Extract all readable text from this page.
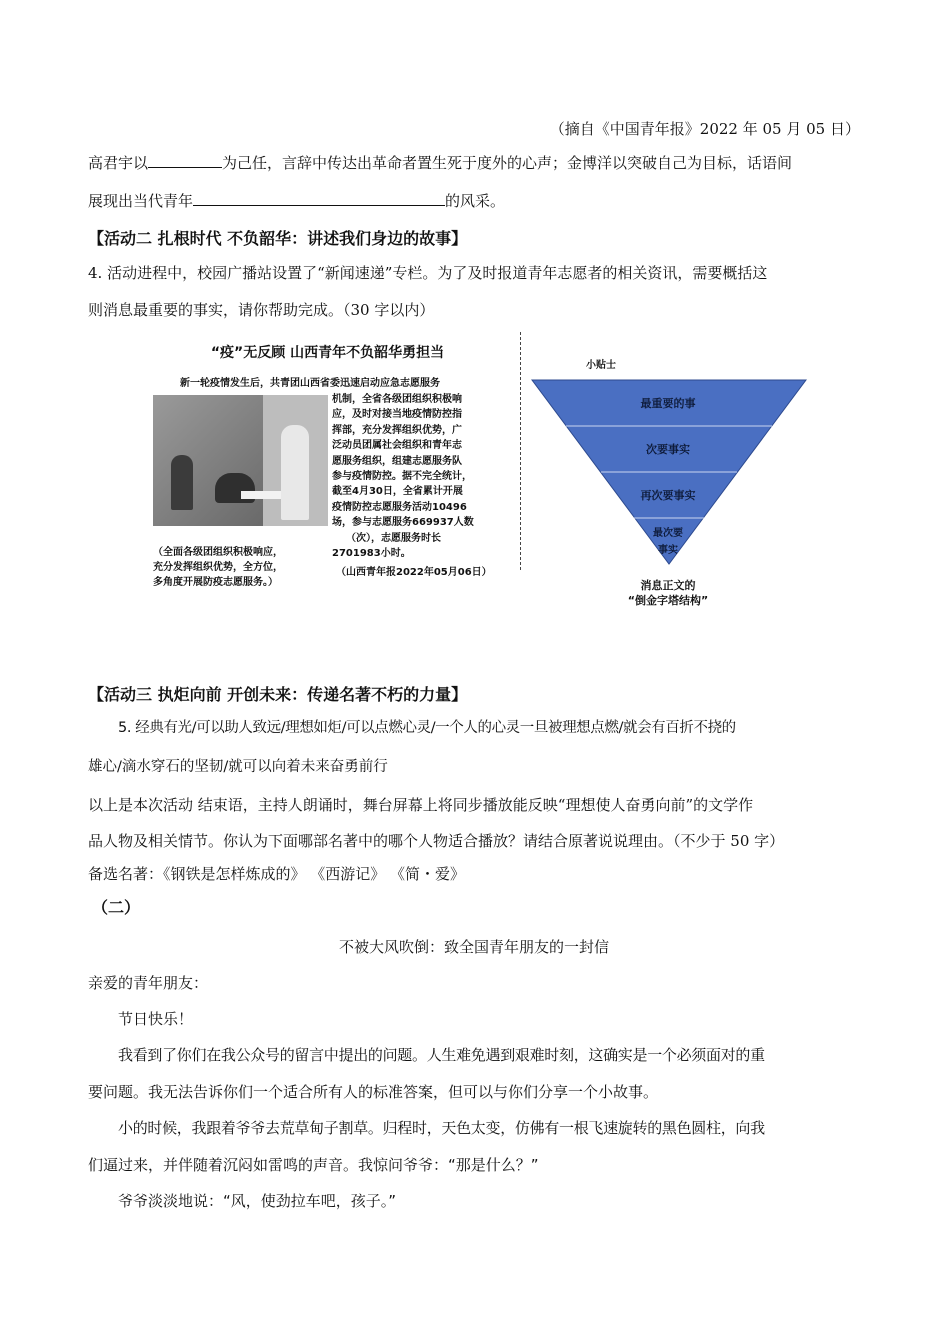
（摘自《中国青年报》2022 年 05 月 05 日）
高君宇以	为己任，言辞中传达出革命者置生死于度外的心声；金博洋以突破自己为目标，话语间
展现出当代青年	的风采。
【活动二 扎根时代 不负韶华：讲述我们身边的故事】
4. 活动进程中，校园广播站设置了“新闻速递”专栏。为了及时报道青年志愿者的相关资讯，需要概括这
则消息最重要的事实，请你帮助完成。（30 字以内）
“疫”无反顾 山西青年不负韶华勇担当
新一轮疫情发生后，共青团山西省委迅速启动应急志愿服务
机制，全省各级团组织积极响
应，及时对接当地疫情防控指
挥部，充分发挥组织优势，广
泛动员团属社会组织和青年志
愿服务组织，组建志愿服务队
参与疫情防控。据不完全统计，
截至4月30日，全省累计开展
疫情防控志愿服务活动10496
场，参与志愿服务669937人数
（次），志愿服务时长
2701983小时。
（全面各级团组织积极响应，
充分发挥组织优势，全方位，
多角度开展防疫志愿服务。）
（山西青年报2022年05月06日）
小贴士
最重要的事
次要事实
再次要事实
最次要
事实
消息正文的
“倒金字塔结构”
【活动三 执炬向前 开创未来：传递名著不朽的力量】
5. 经典有光/可以助人致远/理想如炬/可以点燃心灵/一个人的心灵一旦被理想点燃/就会有百折不挠的
雄心/滴水穿石的坚韧/就可以向着未来奋勇前行
以上是本次活动 结束语，主持人朗诵时，舞台屏幕上将同步播放能反映“理想使人奋勇向前”的文学作
品人物及相关情节。你认为下面哪部名著中的哪个人物适合播放？请结合原著说说理由。（不少于 50 字）
备选名著：《钢铁是怎样炼成的》 《西游记》 《简・爱》
（二）
不被大风吹倒：致全国青年朋友的一封信
亲爱的青年朋友：
节日快乐！
我看到了你们在我公众号的留言中提出的问题。人生难免遇到艰难时刻，这确实是一个必须面对的重
要问题。我无法告诉你们一个适合所有人的标准答案，但可以与你们分享一个小故事。
小的时候，我跟着爷爷去荒草甸子割草。归程时，天色太变，仿佛有一根飞速旋转的黑色圆柱，向我
们逼过来，并伴随着沉闷如雷鸣的声音。我惊问爷爷：“那是什么？”
爷爷淡淡地说：“风，使劲拉车吧，孩子。”
